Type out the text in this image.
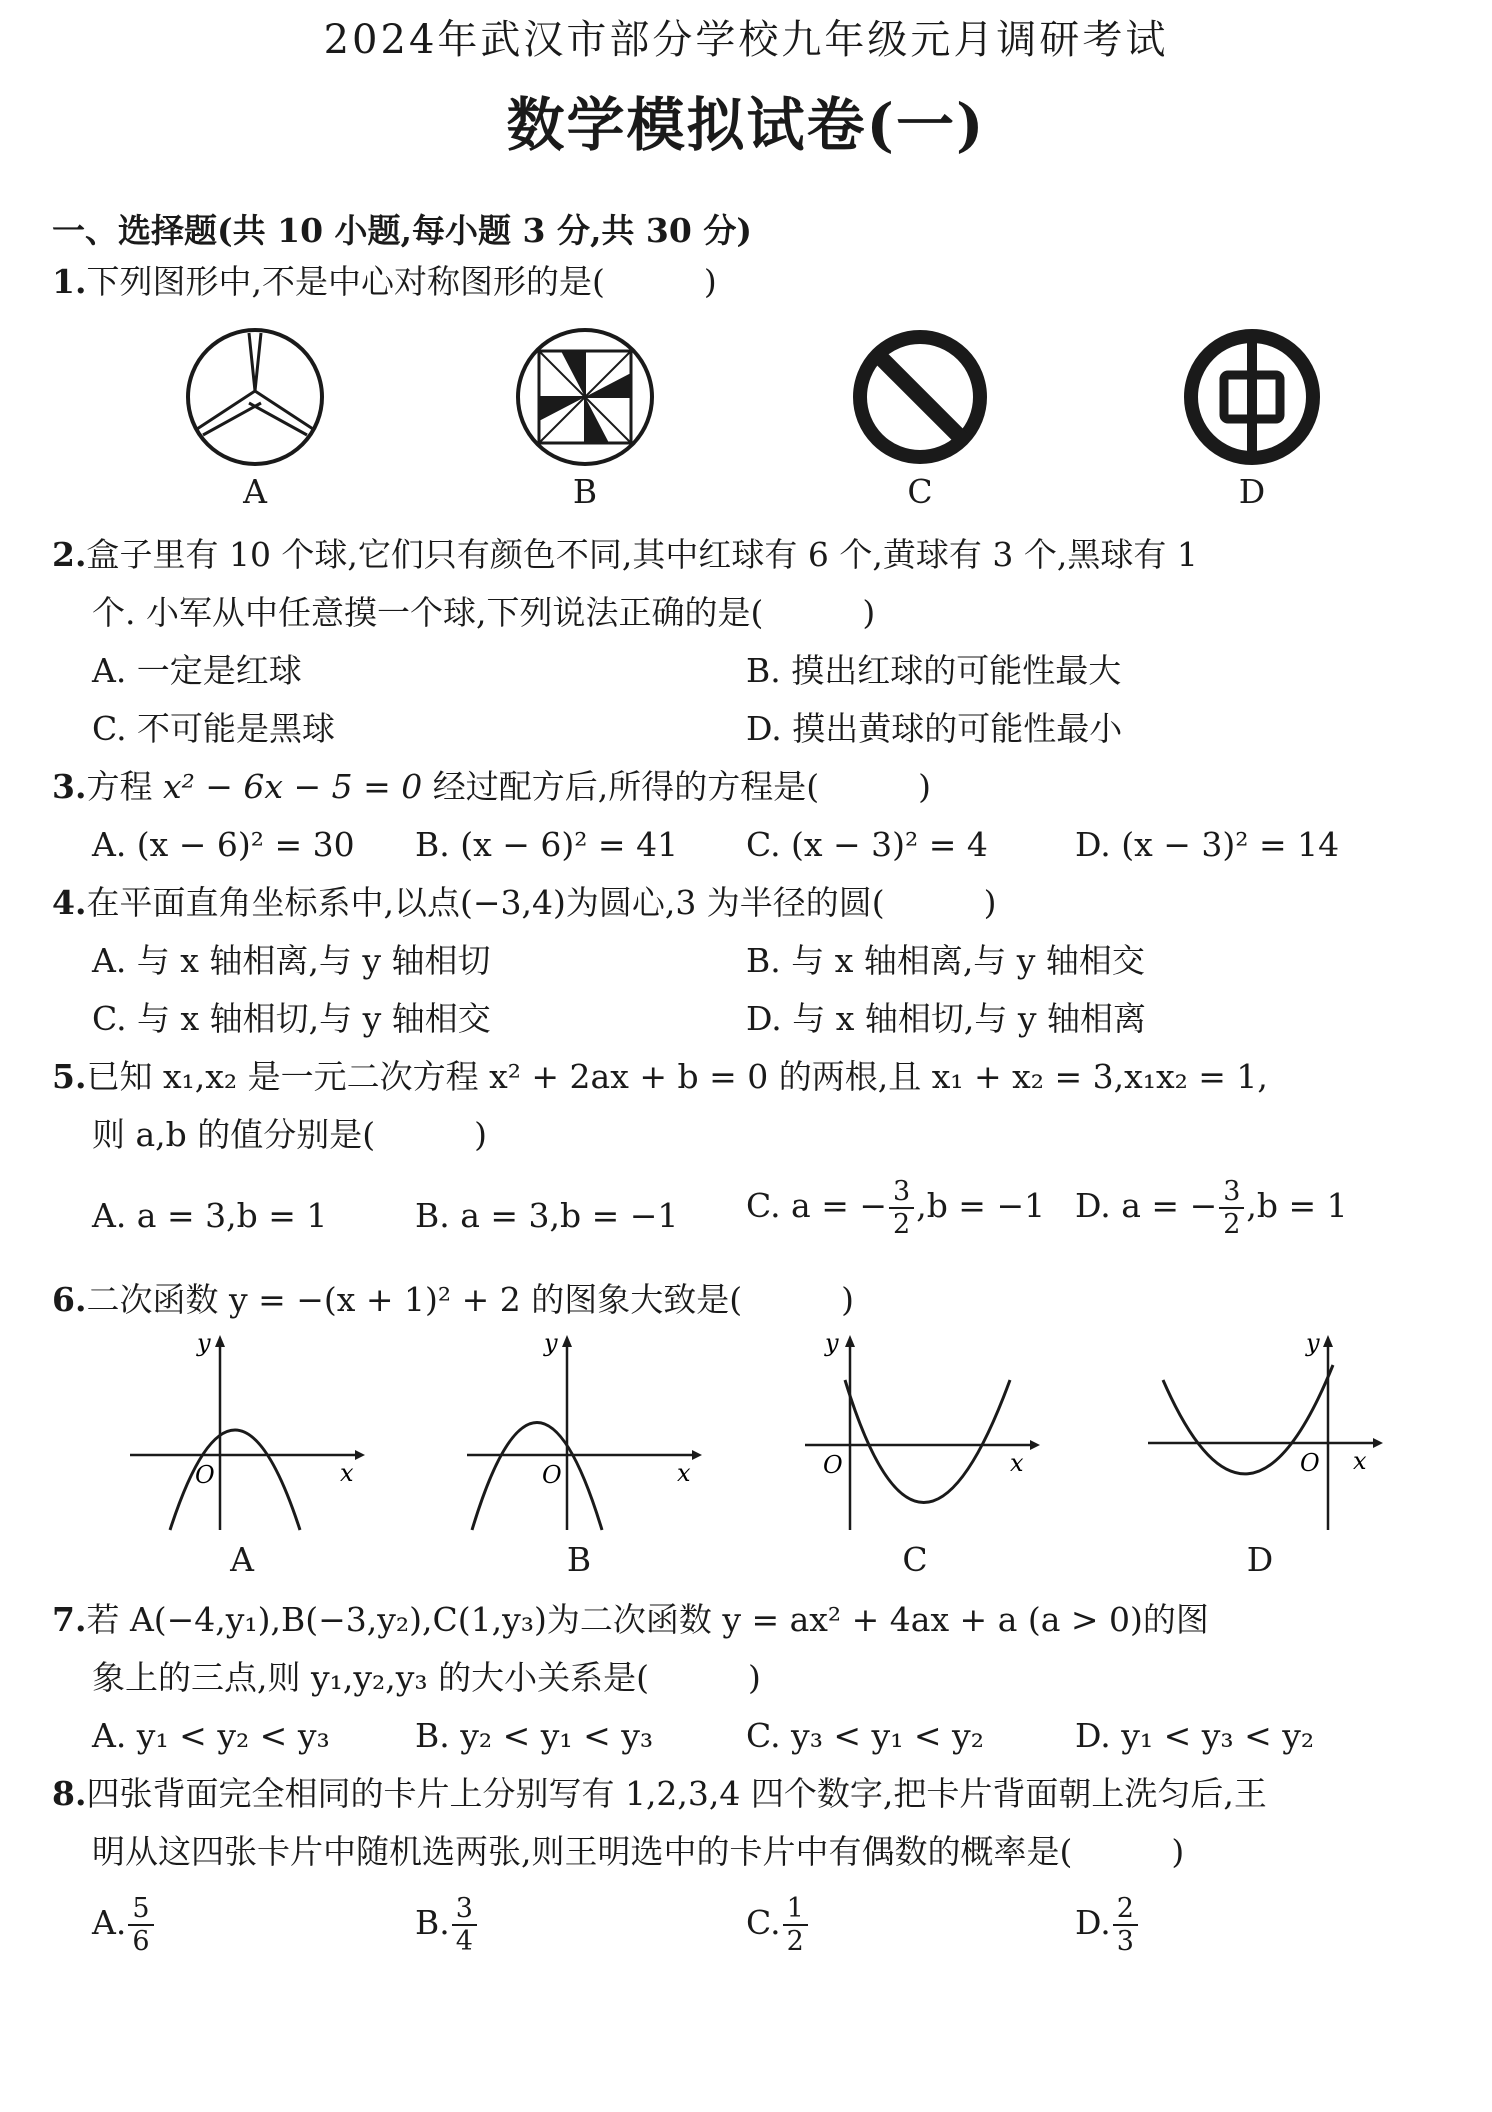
2024年武汉市部分学校九年级元月调研考试
数学模拟试卷(一)
一、选择题(共 10 小题,每小题 3 分,共 30 分)
1.下列图形中,不是中心对称图形的是(　　　)
A	B	C	D
2.盒子里有 10 个球,它们只有颜色不同,其中红球有 6 个,黄球有 3 个,黑球有 1
个. 小军从中任意摸一个球,下列说法正确的是(　　　)
A. 一定是红球	B. 摸出红球的可能性最大
C. 不可能是黑球	D. 摸出黄球的可能性最小
3.方程 x² − 6x − 5 = 0 经过配方后,所得的方程是(　　　)
A. (x − 6)² = 30 B. (x − 6)² = 41 C. (x − 3)² = 4	D. (x − 3)² = 14
4.在平面直角坐标系中,以点(−3,4)为圆心,3 为半径的圆(　　　)
A. 与 x 轴相离,与 y 轴相切	B. 与 x 轴相离,与 y 轴相交
C. 与 x 轴相切,与 y 轴相交	D. 与 x 轴相切,与 y 轴相离
5.已知 x₁,x₂ 是一元二次方程 x² + 2ax + b = 0 的两根,且 x₁ + x₂ = 3,x₁x₂ = 1,
则 a,b 的值分别是(　　　)
A. a = 3,b = 1	B. a = 3,b = −1 C. a = − $\frac{3}{2} ,b = -1$ D. a = − $\frac{3}{2} ,b = 1$
6.二次函数 y = −(x + 1)² + 2 的图象大致是(　　　)
y
x
O
A
y
x
O
B
y
x
O
C
y
x
O
D
7.若 A(−4,y₁),B(−3,y₂),C(1,y₃)为二次函数 y = ax² + 4ax + a (a > 0)的图
象上的三点,则 y₁,y₂,y₃ 的大小关系是(　　　)
A. y₁ < y₂ < y₃	B. y₂ < y₁ < y₃	C. y₃ < y₁ < y₂	D. y₁ < y₃ < y₂
8.四张背面完全相同的卡片上分别写有 1,2,3,4 四个数字,把卡片背面朝上洗匀后,王
明从这四张卡片中随机选两张,则王明选中的卡片中有偶数的概率是(　　　)
A. $\frac{5}{6}$	B. $\frac{3}{4}$	C. $\frac{1}{2}$	D. $\frac{2}{3}$
